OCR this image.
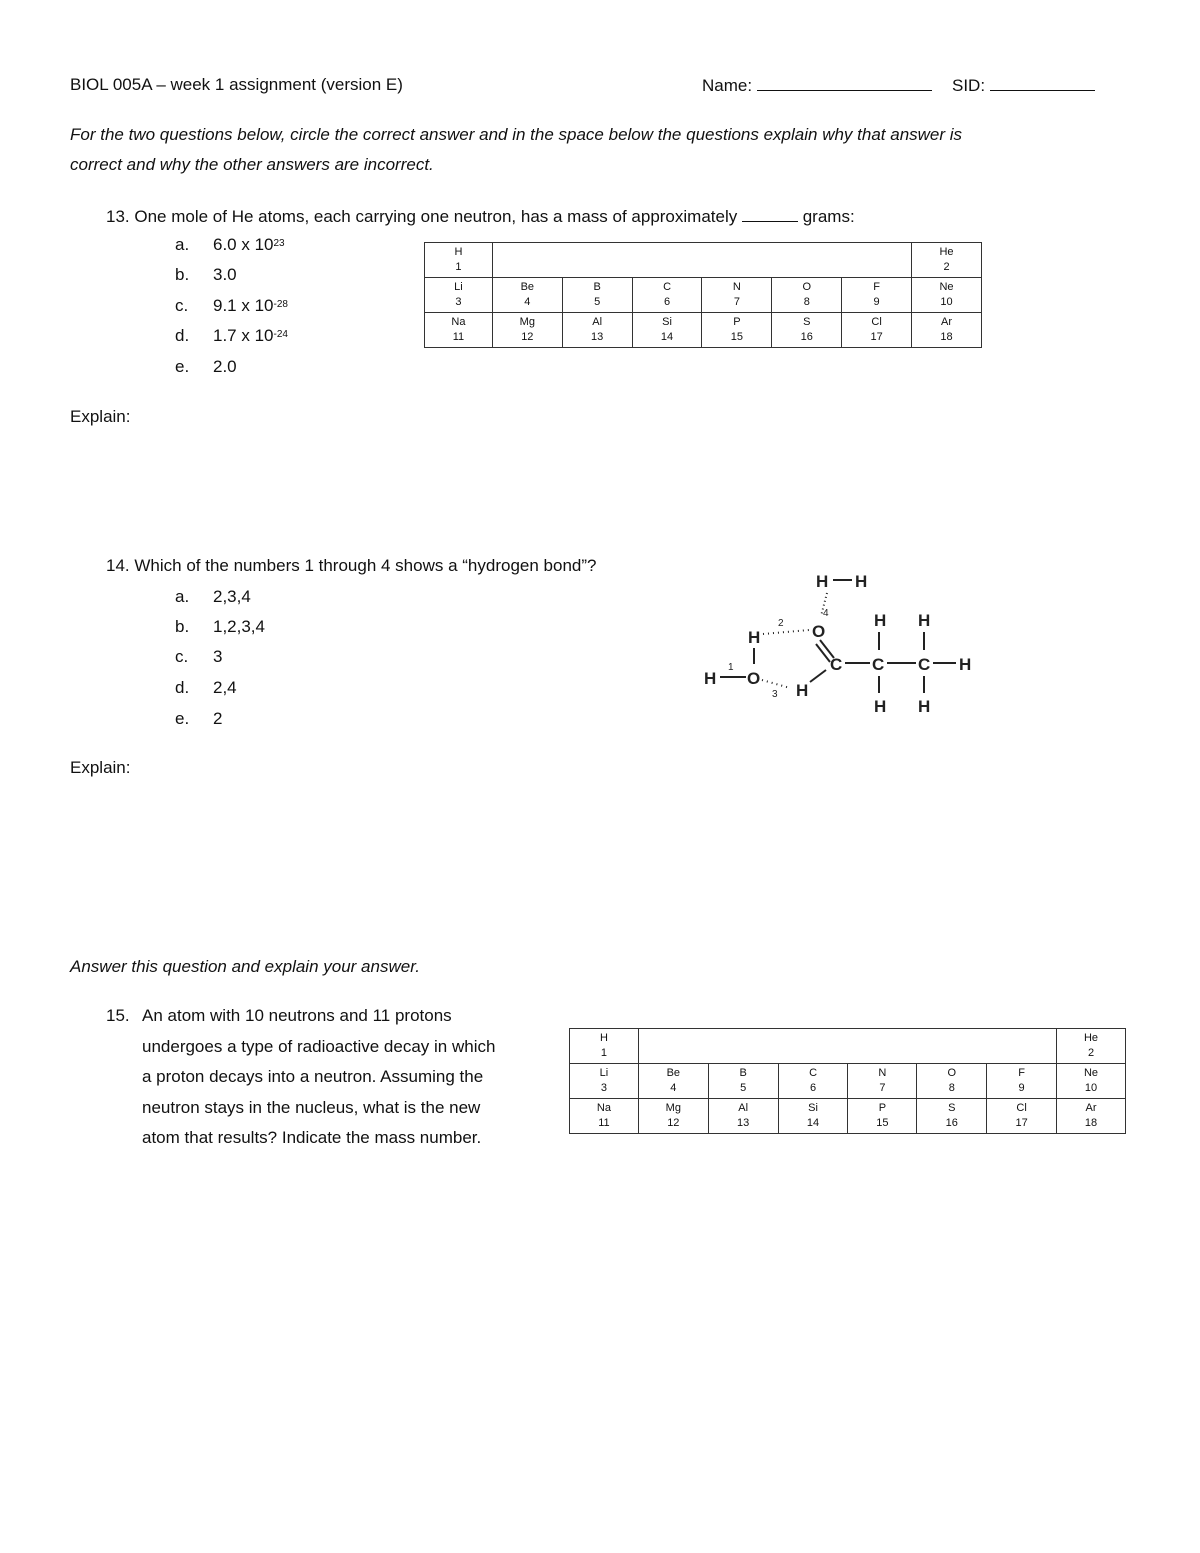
BIOL 005A – week 1 assignment (version E)	Name:	SID:
For the two questions below, circle the correct answer and in the space below the questions explain why that answer is
correct and why the other answers are incorrect.
13. One mole of He atoms, each carrying one neutron, has a mass of approximately	grams:
a. 6.0 x $10^{23}$
b. 3.0
c. 9.1 x $10^{-28}$
d. 1.7 x $10^{-24}$
e. 2.0
H							He
1							2
Li	Be	B	C	N	O	F	Ne
3	4	5	6	7	8	9	10
Na	Mg	Al	Si	P	S	Cl	Ar
11	12	13	14	15	16	17	18
Explain:
14. Which of the numbers 1 through 4 shows a “hydrogen bond”?
a. 2,3,4
b. 1,2,3,4
c. 3
d. 2,4
e. 2
H H
4
O
H
2
H
1
O
3 H
C C C H
H
H
H
H
Explain:
Answer this question and explain your answer.
15. An atom with 10 neutrons and 11 protons
undergoes a type of radioactive decay in which
a proton decays into a neutron. Assuming the
neutron stays in the nucleus, what is the new
atom that results? Indicate the mass number.
H							He
1							2
Li	Be	B	C	N	O	F	Ne
3	4	5	6	7	8	9	10
Na	Mg	Al	Si	P	S	Cl	Ar
11	12	13	14	15	16	17	18
